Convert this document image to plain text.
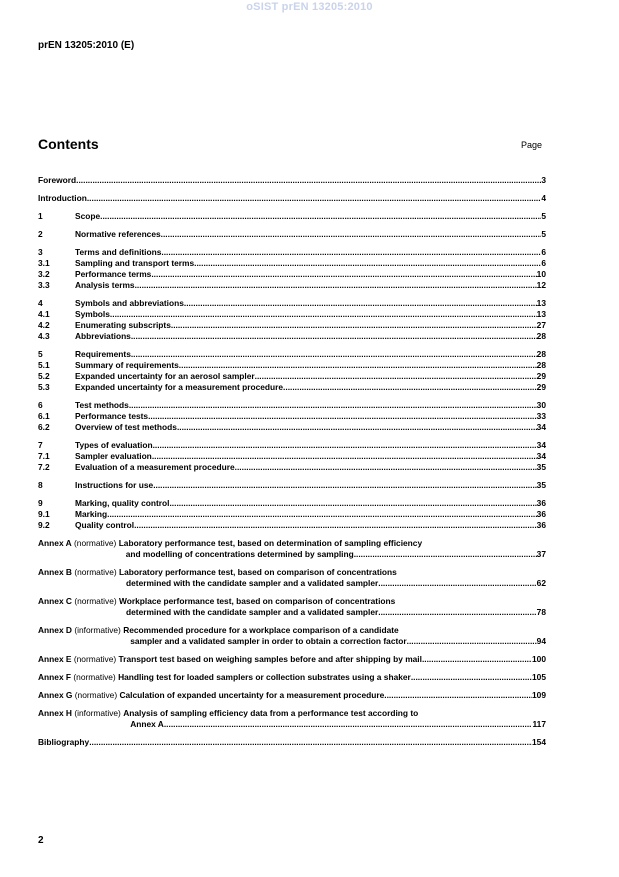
oSIST prEN 13205:2010
prEN 13205:2010 (E)
Contents	Page
Foreword .....	3
Introduction .....	4
1	Scope .....	5
2	Normative references .....	5
3	Terms and definitions .....	6
3.1	Sampling and transport terms .....	6
3.2	Performance terms .....	10
3.3	Analysis terms .....	12
4	Symbols and abbreviations .....	13
4.1	Symbols .....	13
4.2	Enumerating subscripts .....	27
4.3	Abbreviations .....	28
5	Requirements .....	28
5.1	Summary of requirements .....	28
5.2	Expanded uncertainty for an aerosol sampler .....	29
5.3	Expanded uncertainty for a measurement procedure .....	29
6	Test methods .....	30
6.1	Performance tests .....	33
6.2	Overview of test methods .....	34
7	Types of evaluation .....	34
7.1	Sampler evaluation .....	34
7.2	Evaluation of a measurement procedure .....	35
8	Instructions for use .....	35
9	Marking, quality control .....	36
9.1	Marking .....	36
9.2	Quality control .....	36
Annex A (normative) Laboratory performance test, based on determination of sampling efficiency
and modelling of concentrations determined by sampling .....	37
Annex B (normative) Laboratory performance test, based on comparison of concentrations
determined with the candidate sampler and a validated sampler .....	62
Annex C (normative) Workplace performance test, based on comparison of concentrations
determined with the candidate sampler and a validated sampler .....	78
Annex D (informative) Recommended procedure for a workplace comparison of a candidate
sampler and a validated sampler in order to obtain a correction factor .....	94
Annex E (normative) Transport test based on weighing samples before and after shipping by mail .....	100
Annex F (normative) Handling test for loaded samplers or collection substrates using a shaker .....	105
Annex G (normative) Calculation of expanded uncertainty for a measurement procedure .....	109
Annex H (informative) Analysis of sampling efficiency data from a performance test according to
Annex A .....	117
Bibliography .....	154
2
